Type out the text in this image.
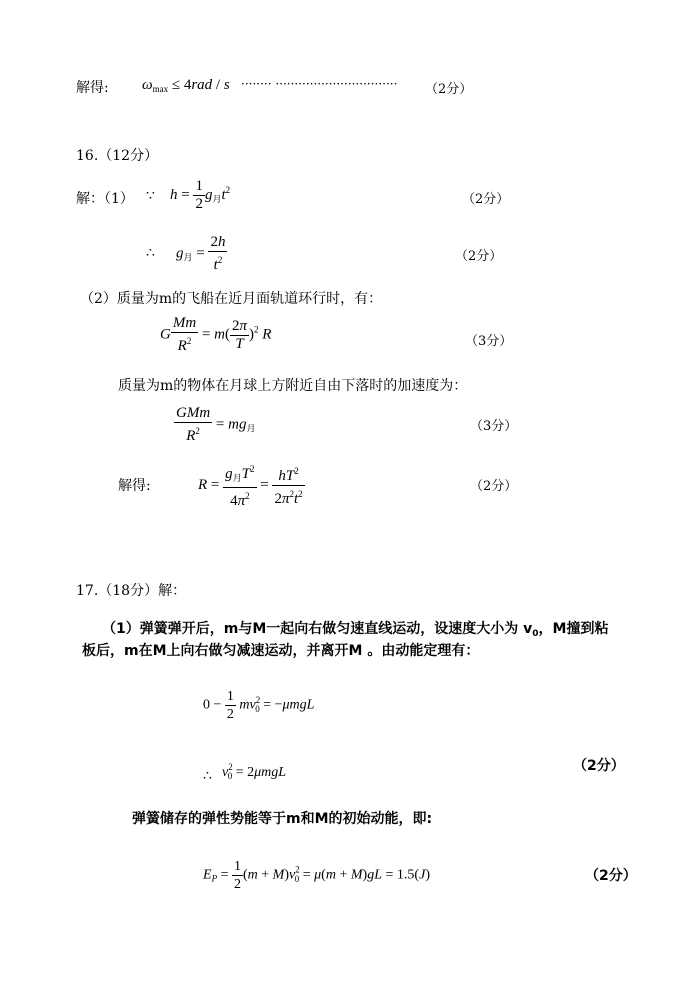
解得: $\omega_{max} \le 4rad / s$ ········ ································ （2分）
16.（12分）
解：（1） ∵ $h = \frac{1}{2} g_月t^2$
（2分）
∴ $g_月 = \frac{2h}{t^2}$	（2分）
（2）质量为m的飞船在近月面轨道环行时，有：
G $\frac{Mm}{R^2} = m( \frac{2\pi}{T} )^2$ R	（3分）
质量为m的物体在月球上方附近自由下落时的加速度为：
$\frac{\text{GMm}}{R^2} = mg_月$	（3分）
解得:	$R = \frac{g_月T^2}{4\pi^2} = \frac{hT^2}{2\pi^2t^2}$	（2分）
17.（18分）解：
（1）弹簧弹开后，m与M一起向右做匀速直线运动，设速度大小为 $v_0$，M撞到粘
板后，m在M上向右做匀减速运动，并离开M 。由动能定理有：
$0 - \frac{1}{2} mv^2_0 = -\mu mgL$
∴ $v^2_0 = 2\mu mgL$	（2分）
弹簧储存的弹性势能等于m和M的初始动能，即:
$E_P = \frac{1}{2} (m + M)v^2_0 = \mu(m + M)gL = 1.5(J)$	（2分）
